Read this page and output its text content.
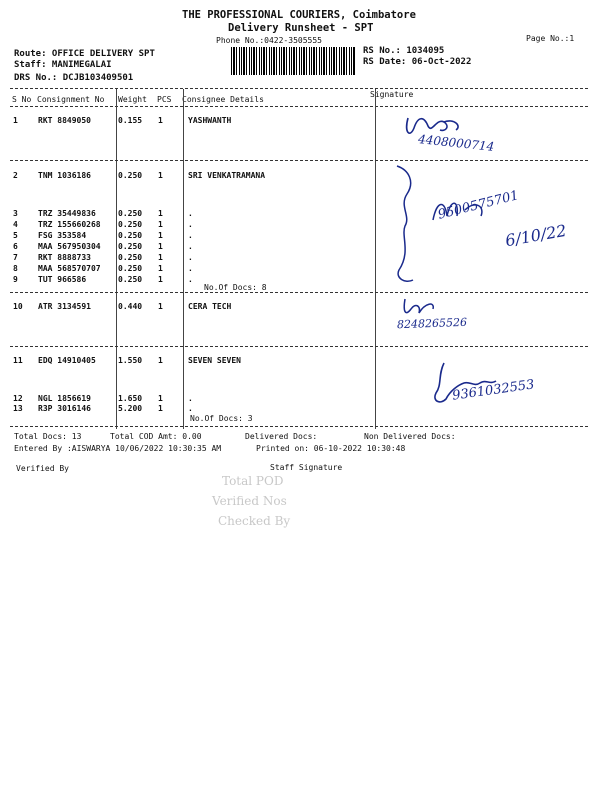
THE PROFESSIONAL COURIERS, Coimbatore
Delivery Runsheet - SPT
Phone No.:0422-3505555	Page No.:1
Route: OFFICE DELIVERY SPT
Staff: MANIMEGALAI
DRS No.: DCJB103409501
RS No.: 1034095
RS Date: 06-Oct-2022
S No Consignment No Weight PCS Consignee Details
Signature
1	RKT 8849050	0.155 1	YASHWANTH
2	TNM 1036186	0.250 1	SRI VENKATRAMANA
3	TRZ 35449836	0.250 1	.
4	TRZ 155660268 0.250 1	.
5	FSG 353584	0.250 1	.
6	MAA 567950304 0.250 1	.
7	RKT 8888733	0.250 1	.
8	MAA 568570707 0.250 1	.
9	TUT 966586	0.250 1	.
No.Of Docs: 8
10 ATR 3134591	0.440 1	CERA TECH
11 EDQ 14910405	1.550 1	SEVEN SEVEN
12 NGL 1856619	1.650 1	.
13 R3P 3016146	5.200 1	.
No.Of Docs: 3
4408000714
9500575701
6/10/22
8248265526
9361032553
Total Docs: 13	Total COD Amt: 0.00	Delivered Docs:	Non Delivered Docs:
Entered By :AISWARYA 10/06/2022 10:30:35 AM	Printed on: 06-10-2022 10:30:48
Verified By	Staff Signature
Total POD
Verified Nos
Checked By
